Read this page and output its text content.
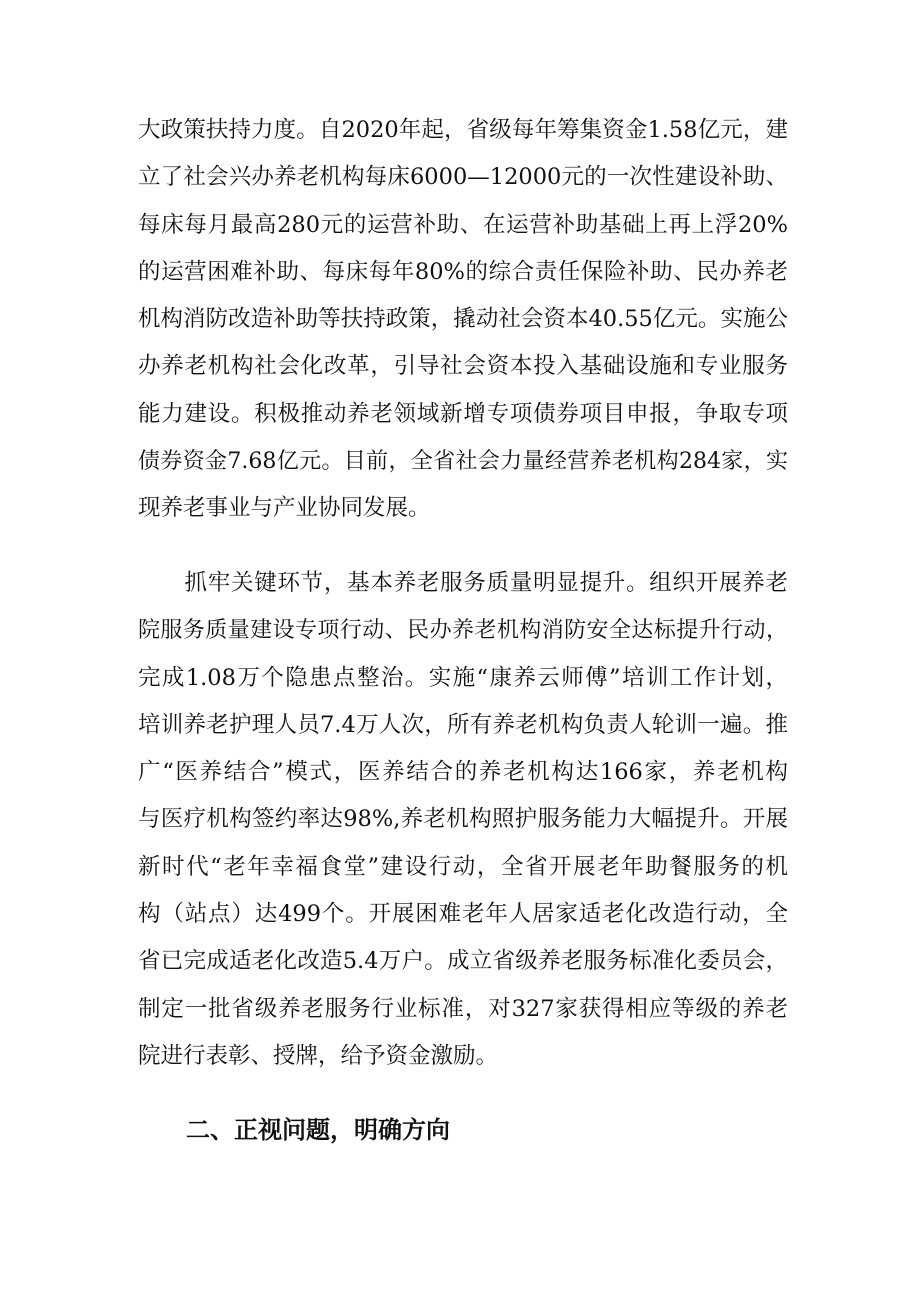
大政策扶持力度。自2020年起，省级每年筹集资金1.58亿元，建
立了社会兴办养老机构每床6000—12000元的一次性建设补助、
每床每月最高280元的运营补助、在运营补助基础上再上浮20%
的运营困难补助、每床每年80%的综合责任保险补助、民办养老
机构消防改造补助等扶持政策，撬动社会资本40.55亿元。实施公
办养老机构社会化改革，引导社会资本投入基础设施和专业服务
能力建设。积极推动养老领域新增专项债券项目申报，争取专项
债券资金7.68亿元。目前，全省社会力量经营养老机构284家，实
现养老事业与产业协同发展。
　　抓牢关键环节，基本养老服务质量明显提升。组织开展养老
院服务质量建设专项行动、民办养老机构消防安全达标提升行动，
完成1.08万个隐患点整治。实施“康养云师傅”培训工作计划，
培训养老护理人员7.4万人次，所有养老机构负责人轮训一遍。推
广“医养结合”模式，医养结合的养老机构达166家，养老机构
与医疗机构签约率达98%,养老机构照护服务能力大幅提升。开展
新时代“老年幸福食堂”建设行动，全省开展老年助餐服务的机
构（站点）达499个。开展困难老年人居家适老化改造行动，全
省已完成适老化改造5.4万户。成立省级养老服务标准化委员会，
制定一批省级养老服务行业标准，对327家获得相应等级的养老
院进行表彰、授牌，给予资金激励。
二、正视问题，明确方向
